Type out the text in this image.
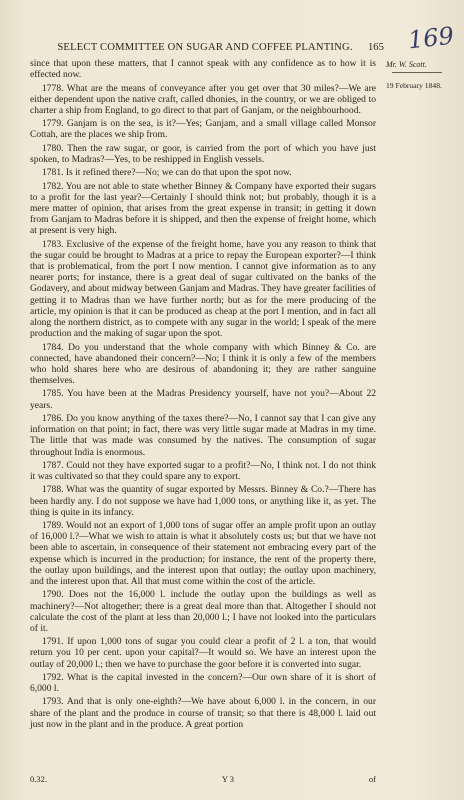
SELECT COMMITTEE ON SUGAR AND COFFEE PLANTING.	165 169
Mr. W. Scott.
19 February 1848.

since that upon these matters, that I cannot speak with any confidence as to how it is effected now.

1778. What are the means of conveyance after you get over that 30 miles?—We are either dependent upon the native craft, called dhonies, in the country, or we are obliged to charter a ship from England, to go direct to that part of Ganjam, or the neighbourhood.

1779. Ganjam is on the sea, is it?—Yes; Ganjam, and a small village called Monsor Cottah, are the places we ship from.

1780. Then the raw sugar, or goor, is carried from the port of which you have just spoken, to Madras?—Yes, to be reshipped in English vessels.

1781. Is it refined there?—No; we can do that upon the spot now.

1782. You are not able to state whether Binney & Company have exported their sugars to a profit for the last year?—Certainly I should think not; but probably, though it is a mere matter of opinion, that arises from the great expense in transit; in getting it down from Ganjam to Madras before it is shipped, and then the expense of freight home, which at present is very high.

1783. Exclusive of the expense of the freight home, have you any reason to think that the sugar could be brought to Madras at a price to repay the European exporter?—I think that is problematical, from the port I now mention. I cannot give information as to any nearer ports; for instance, there is a great deal of sugar cultivated on the banks of the Godavery, and about midway between Ganjam and Madras. They have greater facilities of getting it to Madras than we have further north; but as for the mere producing of the article, my opinion is that it can be produced as cheap at the port I mention, and in fact all along the northern district, as to compete with any sugar in the world; I speak of the mere production and the making of sugar upon the spot.

1784. Do you understand that the whole company with which Binney & Co. are connected, have abandoned their concern?—No; I think it is only a few of the members who hold shares here who are desirous of abandoning it; they are rather sanguine themselves.

1785. You have been at the Madras Presidency yourself, have not you?—About 22 years.

1786. Do you know anything of the taxes there?—No, I cannot say that I can give any information on that point; in fact, there was very little sugar made at Madras in my time. The little that was made was consumed by the natives. The consumption of sugar throughout India is enormous.

1787. Could not they have exported sugar to a profit?—No, I think not. I do not think it was cultivated so that they could spare any to export.

1788. What was the quantity of sugar exported by Messrs. Binney & Co.?—There has been hardly any. I do not suppose we have had 1,000 tons, or anything like it, as yet. The thing is quite in its infancy.

1789. Would not an export of 1,000 tons of sugar offer an ample profit upon an outlay of 16,000 l.?—What we wish to attain is what it absolutely costs us; but that we have not been able to ascertain, in consequence of their statement not embracing every part of the expense which is incurred in the production; for instance, the rent of the property there, the outlay upon buildings, and the interest upon that outlay; the outlay upon machinery, and the interest upon that. All that must come within the cost of the article.

1790. Does not the 16,000 l. include the outlay upon the buildings as well as machinery?—Not altogether; there is a great deal more than that. Altogether I should not calculate the cost of the plant at less than 20,000 l.; I have not looked into the particulars of it.

1791. If upon 1,000 tons of sugar you could clear a profit of 2 l. a ton, that would return you 10 per cent. upon your capital?—It would so. We have an interest upon the outlay of 20,000 l.; then we have to purchase the goor before it is converted into sugar.

1792. What is the capital invested in the concern?—Our own share of it is short of 6,000 l.

1793. And that is only one-eighth?—We have about 6,000 l. in the concern, in our share of the plant and the produce in course of transit; so that there is 48,000 l. laid out just now in the plant and in the produce. A great portion

0.32.	Y 3	of
